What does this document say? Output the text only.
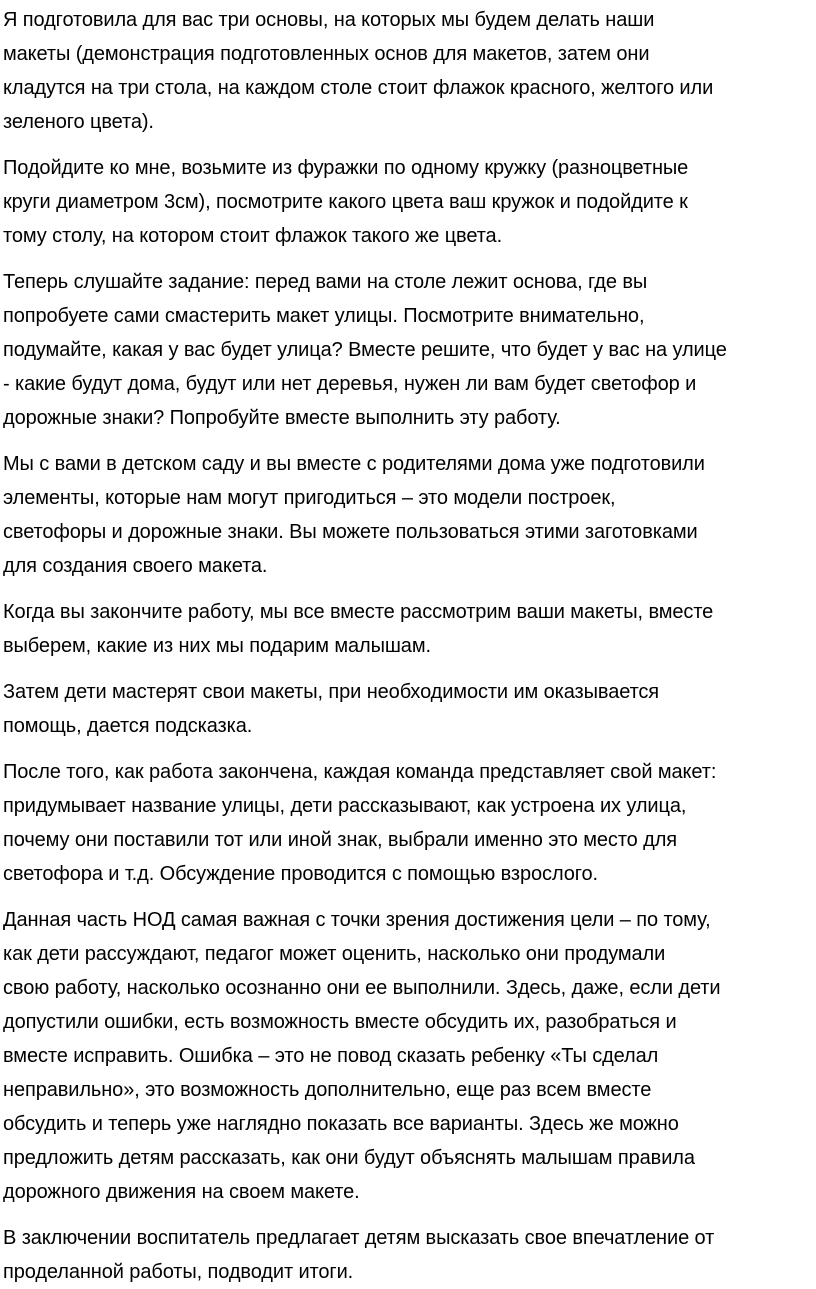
Я подготовила для вас три основы, на которых мы будем делать наши
макеты (демонстрация подготовленных основ для макетов, затем они
кладутся на три стола, на каждом столе стоит флажок красного, желтого или
зеленого цвета).

Подойдите ко мне, возьмите из фуражки по одному кружку (разноцветные
круги диаметром 3см), посмотрите какого цвета ваш кружок и подойдите к
тому столу, на котором стоит флажок такого же цвета.

Теперь слушайте задание: перед вами на столе лежит основа, где вы
попробуете сами смастерить макет улицы. Посмотрите внимательно,
подумайте, какая у вас будет улица? Вместе решите, что будет у вас на улице
- какие будут дома, будут или нет деревья, нужен ли вам будет светофор и
дорожные знаки? Попробуйте вместе выполнить эту работу.

Мы с вами в детском саду и вы вместе с родителями дома уже подготовили
элементы, которые нам могут пригодиться – это модели построек,
светофоры и дорожные знаки. Вы можете пользоваться этими заготовками
для создания своего макета.

Когда вы закончите работу, мы все вместе рассмотрим ваши макеты, вместе
выберем, какие из них мы подарим малышам.

Затем дети мастерят свои макеты, при необходимости им оказывается
помощь, дается подсказка.

После того, как работа закончена, каждая команда представляет свой макет:
придумывает название улицы, дети рассказывают, как устроена их улица,
почему они поставили тот или иной знак, выбрали именно это место для
светофора и т.д. Обсуждение проводится с помощью взрослого.

Данная часть НОД самая важная с точки зрения достижения цели – по тому,
как дети рассуждают, педагог может оценить, насколько они продумали
свою работу, насколько осознанно они ее выполнили. Здесь, даже, если дети
допустили ошибки, есть возможность вместе обсудить их, разобраться и
вместе исправить. Ошибка – это не повод сказать ребенку «Ты сделал
неправильно», это возможность дополнительно, еще раз всем вместе
обсудить и теперь уже наглядно показать все варианты. Здесь же можно
предложить детям рассказать, как они будут объяснять малышам правила
дорожного движения на своем макете.

В заключении воспитатель предлагает детям высказать свое впечатление от
проделанной работы, подводит итоги.
